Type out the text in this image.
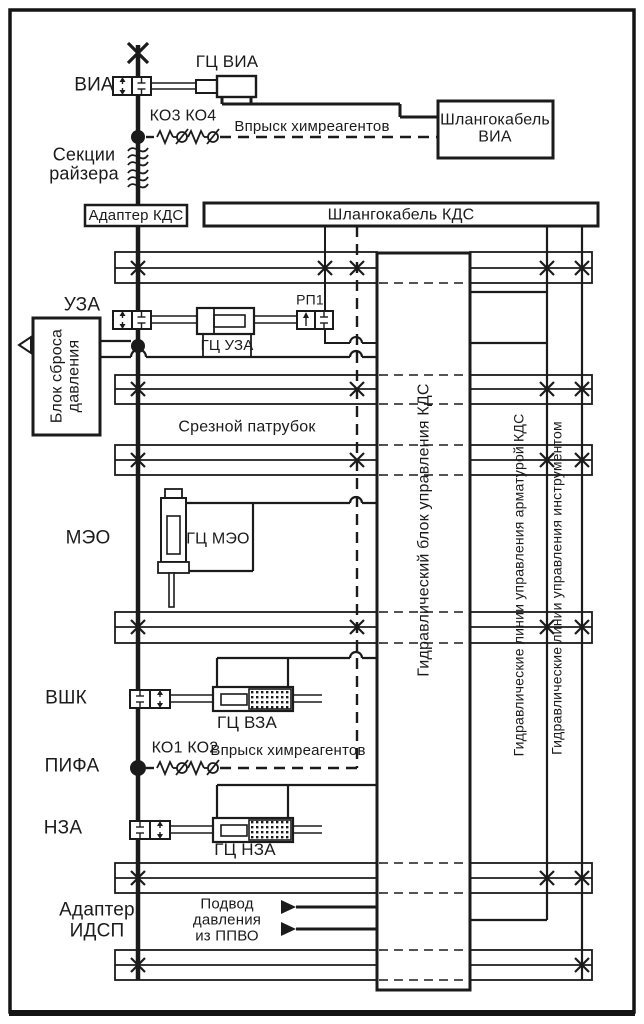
ВИА
ГЦ ВИА
КО3 КО4
Впрыск химреагентов	Шлангокабель
ВИА
Секции
райзера
Адаптер КДС	Шлангокабель КДС
УЗА	РП1
ГЦ УЗА
Блок сброса давления
Срезной патрубок
МЭО	ГЦ МЭО
ВШК
ГЦ ВЗА
КО1 КО2
Впрыск химреагентов
ПИФА
НЗА
ГЦ НЗА
Адаптер
ИДСП
Подвод
давления
из ППВО
Гидравлический блок управления КДС	Гидравлические линии управления арматурой КДС Гидравлические линии управления инструментом
